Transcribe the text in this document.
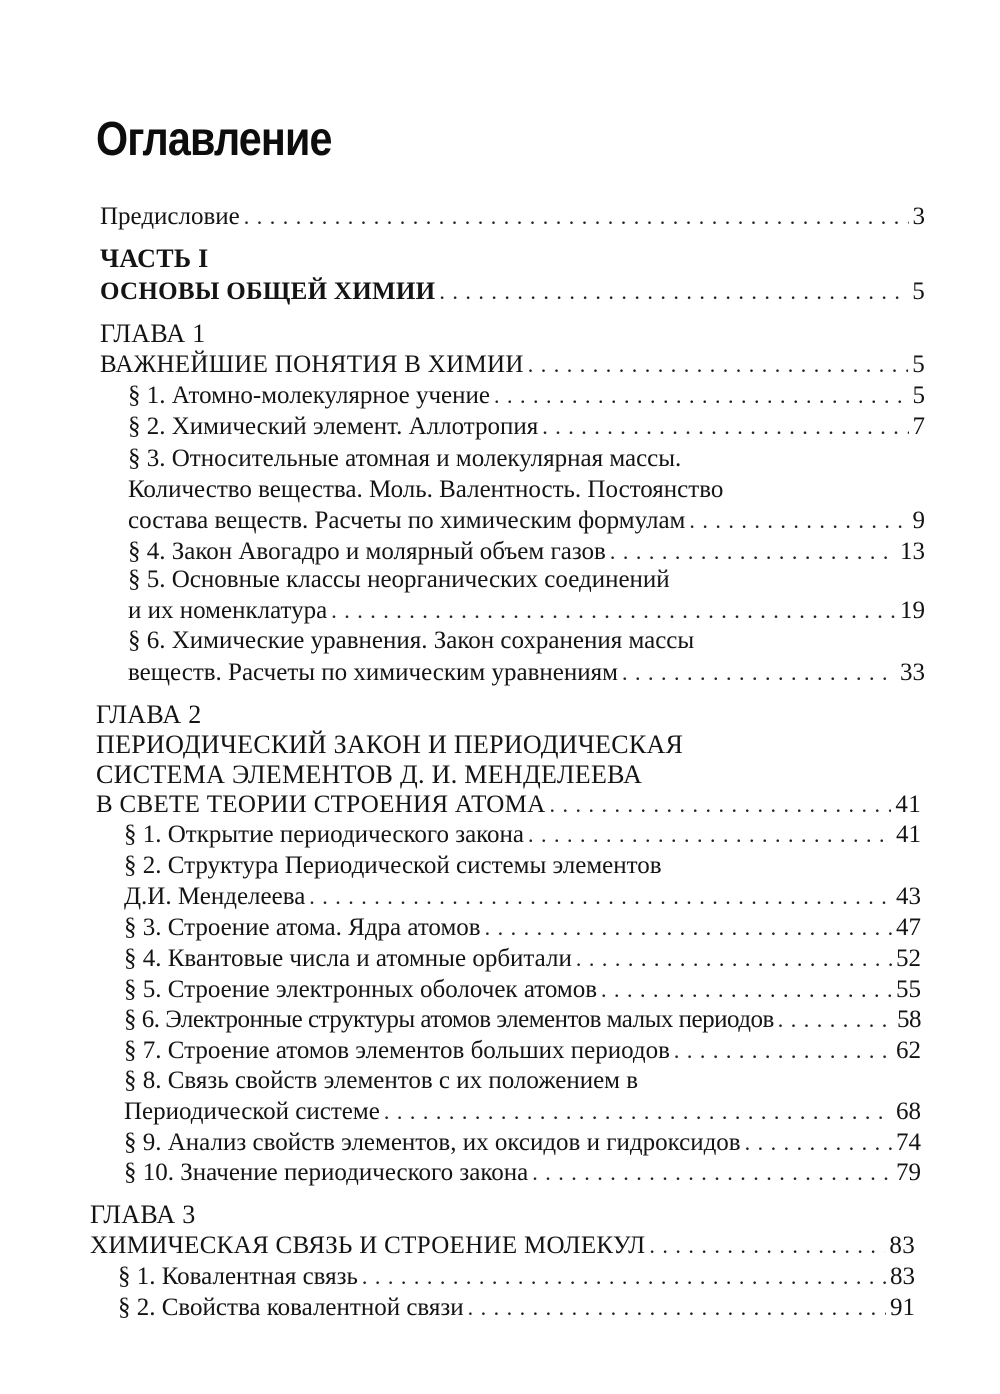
Оглавление
Предисловие . . .	3
ЧАСТЬ I
ОСНОВЫ ОБЩЕЙ ХИМИИ . . .	5
ГЛАВА 1
ВАЖНЕЙШИЕ ПОНЯТИЯ В ХИМИИ . . .	5
§ 1. Атомно-молекулярное учение . . .	5
§ 2. Химический элемент. Аллотропия . . .	7
§ 3. Относительные атомная и молекулярная массы.
Количество вещества. Моль. Валентность. Постоянство
состава веществ. Расчеты по химическим формулам . . .	9
§ 4. Закон Авогадро и молярный объем газов . . .	13
§ 5. Основные классы неорганических соединений
и их номенклатура . . .	19
§ 6. Химические уравнения. Закон сохранения массы
веществ. Расчеты по химическим уравнениям . . .	33
ГЛАВА 2
ПЕРИОДИЧЕСКИЙ ЗАКОН И ПЕРИОДИЧЕСКАЯ
СИСТЕМА ЭЛЕМЕНТОВ Д. И. МЕНДЕЛЕЕВА
В СВЕТЕ ТЕОРИИ СТРОЕНИЯ АТОМА . . .	41
§ 1. Открытие периодического закона . . .	41
§ 2. Структура Периодической системы элементов
Д.И. Менделеева . . .	43
§ 3. Строение атома. Ядра атомов . . .	47
§ 4. Квантовые числа и атомные орбитали . . .	52
§ 5. Строение электронных оболочек атомов . . .	55
§ 6. Электронные структуры атомов элементов малых периодов . . .	58
§ 7. Строение атомов элементов больших периодов . . .	62
§ 8. Связь свойств элементов с их положением в
Периодической системе . . .	68
§ 9. Анализ свойств элементов, их оксидов и гидроксидов . . .	74
§ 10. Значение периодического закона . . .	79
ГЛАВА 3
ХИМИЧЕСКАЯ СВЯЗЬ И СТРОЕНИЕ МОЛЕКУЛ . . .	83
§ 1. Ковалентная связь . . .	83
§ 2. Свойства ковалентной связи . . .	91
